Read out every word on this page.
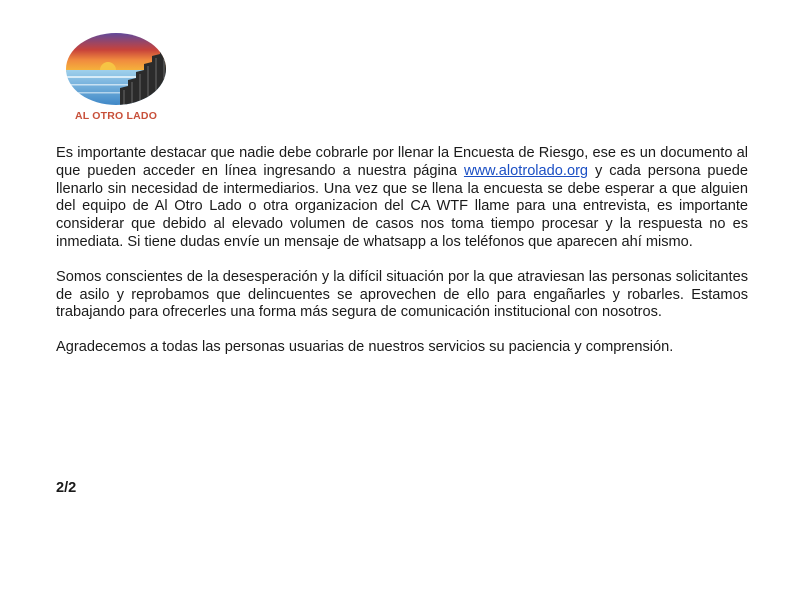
AL OTRO LADO

Es importante destacar que nadie debe cobrarle por llenar la Encuesta de Riesgo, ese es un documento al que pueden acceder en línea ingresando a nuestra página www.alotrolado.org y cada persona puede llenarlo sin necesidad de intermediarios. Una vez que se llena la encuesta se debe esperar a que alguien del equipo de Al Otro Lado o otra organizacion del CA WTF llame para una entrevista, es importante considerar que debido al elevado volumen de casos nos toma tiempo procesar y la respuesta no es inmediata. Si tiene dudas envíe un mensaje de whatsapp a los teléfonos que aparecen ahí mismo.

Somos conscientes de la desesperación y la difícil situación por la que atraviesan las personas solicitantes de asilo y reprobamos que delincuentes se aprovechen de ello para engañarles y robarles. Estamos trabajando para ofrecerles una forma más segura de comunicación institucional con nosotros.

Agradecemos a todas las personas usuarias de nuestros servicios su paciencia y comprensión.

2/2
